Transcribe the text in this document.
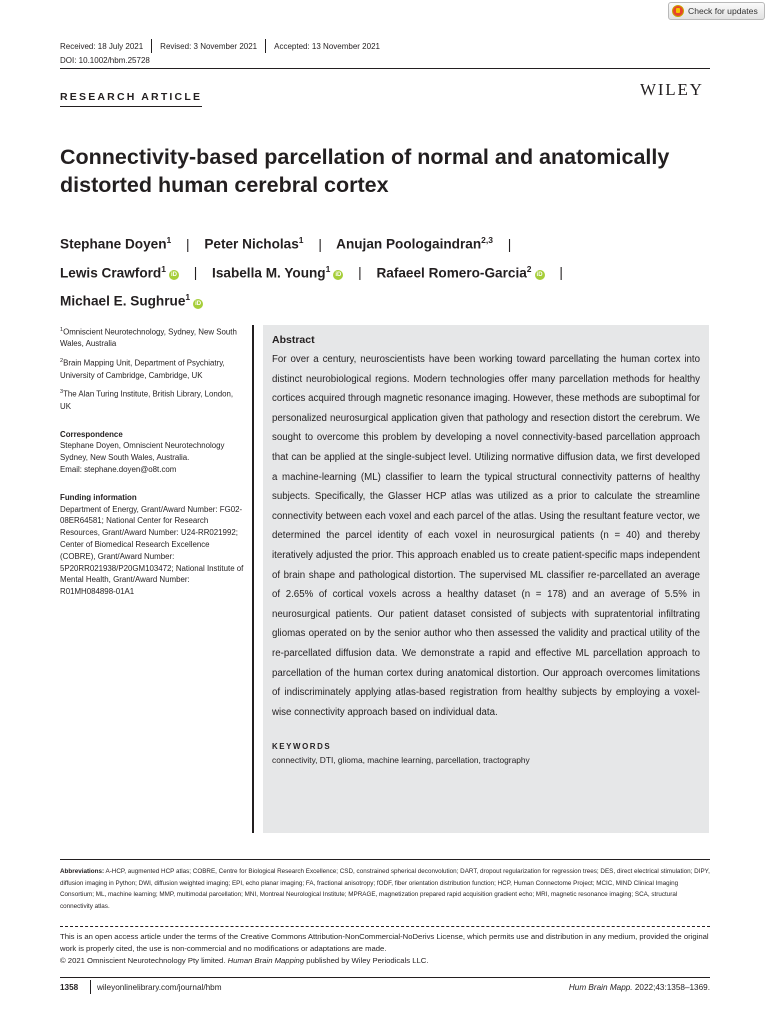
Check for updates
Received: 18 July 2021 Revised: 3 November 2021 Accepted: 13 November 2021
DOI: 10.1002/hbm.25728
RESEARCH ARTICLE	WILEY
Connectivity-based parcellation of normal and anatomically
distorted human cerebral cortex
Stephane Doyen$^1$ | Peter Nicholas$^1$ | Anujan Poologaindran$^{2,3}$ |
Lewis Crawford$^1$iD | Isabella M. Young$^1$iD | Rafaeel Romero-Garcia$^2$iD |
Michael E. Sughrue$^1$iD

$^1$Omniscient Neurotechnology, Sydney, New South Wales, Australia

$^2$Brain Mapping Unit, Department of Psychiatry, University of Cambridge, Cambridge, UK

$^3$The Alan Turing Institute, British Library, London, UK

Correspondence

Stephane Doyen, Omniscient Neurotechnology Sydney, New South Wales, Australia.

Email: stephane.doyen@o8t.com

Funding information

Department of Energy, Grant/Award Number: FG02-08ER64581; National Center for Research Resources, Grant/Award Number: U24-RR021992; Center of Biomedical Research Excellence (COBRE), Grant/Award Number: 5P20RR021938/P20GM103472; National Institute of Mental Health, Grant/Award Number: R01MH084898-01A1

Abstract

For over a century, neuroscientists have been working toward parcellating the human cortex into distinct neurobiological regions. Modern technologies offer many parcellation methods for healthy cortices acquired through magnetic resonance imaging. However, these methods are suboptimal for personalized neurosurgical application given that pathology and resection distort the cerebrum. We sought to overcome this problem by developing a novel connectivity-based parcellation approach that can be applied at the single-subject level. Utilizing normative diffusion data, we first developed a machine-learning (ML) classifier to learn the typical structural connectivity patterns of healthy subjects. Specifically, the Glasser HCP atlas was utilized as a prior to calculate the streamline connectivity between each voxel and each parcel of the atlas. Using the resultant feature vector, we determined the parcel identity of each voxel in neurosurgical patients (n = 40) and thereby iteratively adjusted the prior. This approach enabled us to create patient-specific maps independent of brain shape and pathological distortion. The supervised ML classifier re-parcellated an average of 2.65% of cortical voxels across a healthy dataset (n = 178) and an average of 5.5% in neurosurgical patients. Our patient dataset consisted of subjects with supratentorial infiltrating gliomas operated on by the senior author who then assessed the validity and practical utility of the re-parcellated diffusion data. We demonstrate a rapid and effective ML parcellation approach to parcellation of the human cortex during anatomical distortion. Our approach overcomes limitations of indiscriminately applying atlas-based registration from healthy subjects by employing a voxel-wise connectivity approach based on individual data.

KEYWORDS
connectivity, DTI, glioma, machine learning, parcellation, tractography
Abbreviations: A-HCP, augmented HCP atlas; COBRE, Centre for Biological Research Excellence; CSD, constrained spherical deconvolution; DART, dropout regularization for regression trees; DES, direct electrical stimulation; DIPY, diffusion imaging in Python; DWI, diffusion weighted imaging; EPI, echo planar imaging; FA, fractional anisotropy; fODF, fiber orientation distribution function; HCP, Human Connectome Project; MCIC, MIND Clinical Imaging Consortium; ML, machine learning; MMP, multimodal parcellation; MNI, Montreal Neurological Institute; MPRAGE, magnetization prepared rapid acquisition gradient echo; MRI, magnetic resonance imaging; SCA, structural connectivity atlas.
This is an open access article under the terms of the Creative Commons Attribution-NonCommercial-NoDerivs License, which permits use and distribution in any medium, provided the original work is properly cited, the use is non-commercial and no modifications or adaptations are made.
© 2021 Omniscient Neurotechnology Pty limited. Human Brain Mapping published by Wiley Periodicals LLC.
1358 wileyonlinelibrary.com/journal/hbm	Hum Brain Mapp. 2022;43:1358–1369.
